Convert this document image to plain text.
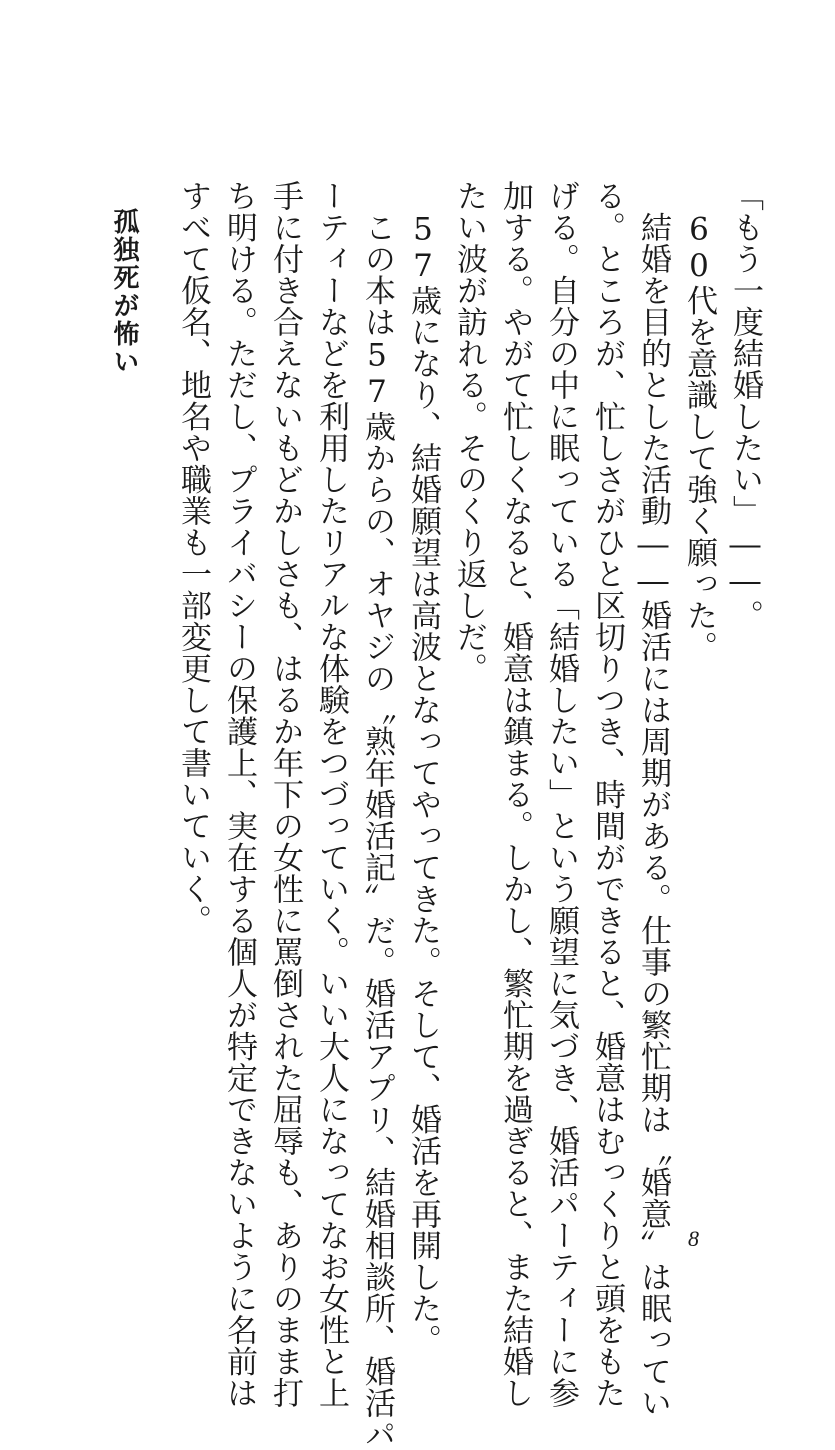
「もう一度結婚したい」――。
　60代を意識して強く願った。
　結婚を目的とした活動――婚活には周期がある。仕事の繁忙期は〝婚意〟は眠ってい
る。ところが、忙しさがひと区切りつき、時間ができると、婚意はむっくりと頭をもた
げる。自分の中に眠っている「結婚したい」という願望に気づき、婚活パーティーに参
加する。やがて忙しくなると、婚意は鎮まる。しかし、繁忙期を過ぎると、また結婚し
たい波が訪れる。そのくり返しだ。
　57歳になり、結婚願望は高波となってやってきた。そして、婚活を再開した。
　この本は57歳からの、オヤジの〝熟年婚活記〟だ。婚活アプリ、結婚相談所、婚活パ
ーティーなどを利用したリアルな体験をつづっていく。いい大人になってなお女性と上
手に付き合えないもどかしさも、はるか年下の女性に罵倒された屈辱も、ありのまま打
ち明ける。ただし、プライバシーの保護上、実在する個人が特定できないように名前は
すべて仮名、地名や職業も一部変更して書いていく。
孤独死が怖い
8
